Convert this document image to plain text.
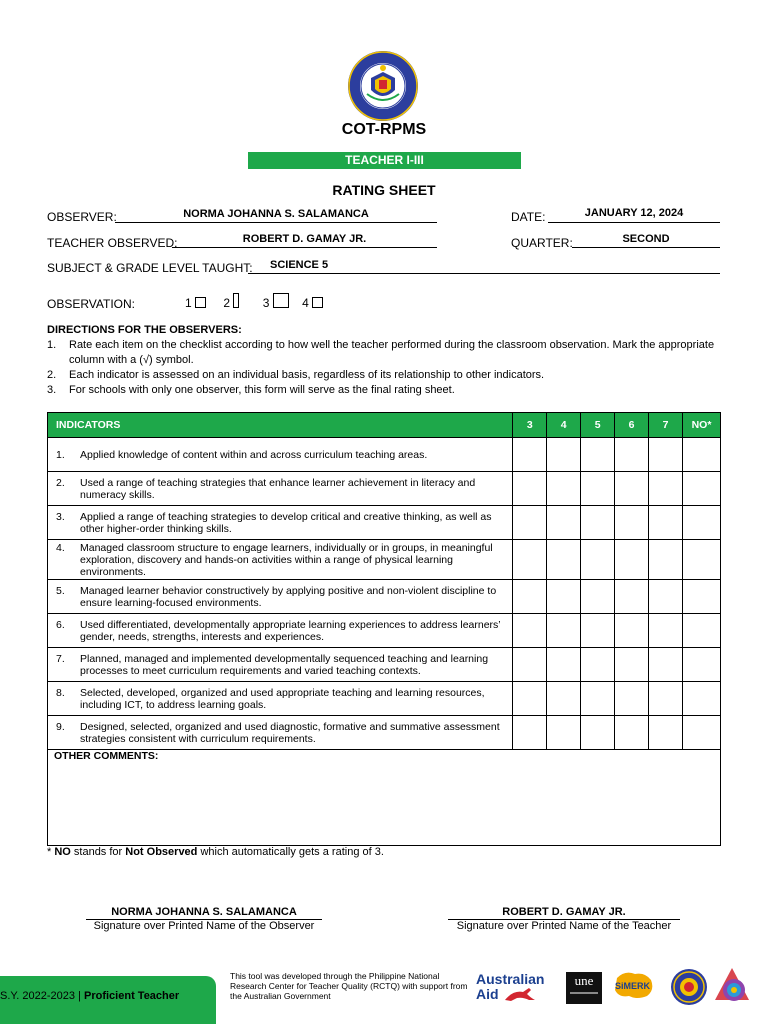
COT-RPMS
TEACHER I-III
RATING SHEET
OBSERVER:	NORMA JOHANNA S. SALAMANCA	DATE:	JANUARY 12, 2024
TEACHER OBSERVED:	ROBERT D. GAMAY JR.	QUARTER:	SECOND
SUBJECT & GRADE LEVEL TAUGHT:	SCIENCE 5
OBSERVATION:	1	2	3	4
DIRECTIONS FOR THE OBSERVERS:
1.	Rate each item on the checklist according to how well the teacher performed during the classroom observation. Mark the appropriate column with a (√) symbol.
2.	Each indicator is assessed on an individual basis, regardless of its relationship to other indicators.
3.	For schools with only one observer, this form will serve as the final rating sheet.
INDICATORS	3	4	5	6	7	NO*

1. Applied knowledge of content within and across curriculum teaching areas.						

2. Used a range of teaching strategies that enhance learner achievement in literacy and numeracy skills.						

3. Applied a range of teaching strategies to develop critical and creative thinking, as well as other higher-order thinking skills.						

4. Managed classroom structure to engage learners, individually or in groups, in meaningful exploration, discovery and hands-on activities within a range of physical learning environments.						

5. Managed learner behavior constructively by applying positive and non-violent discipline to ensure learning-focused environments.						

6. Used differentiated, developmentally appropriate learning experiences to address learners’ gender, needs, strengths, interests and experiences.						

7. Planned, managed and implemented developmentally sequenced teaching and learning processes to meet curriculum requirements and varied teaching contexts.						

8. Selected, developed, organized and used appropriate teaching and learning resources, including ICT, to address learning goals.						

9. Designed, selected, organized and used diagnostic, formative and summative assessment strategies consistent with curriculum requirements.						

OTHER COMMENTS:						
* NO stands for Not Observed which automatically gets a rating of 3.
NORMA JOHANNA S. SALAMANCA
Signature over Printed Name of the Observer
ROBERT D. GAMAY JR.
Signature over Printed Name of the Teacher
S.Y. 2022-2023 | Proficient Teacher
This tool was developed through the Philippine National Research Center for Teacher Quality (RCTQ) with support from the Australian Government
Australian
Aid
une	SiMERK
